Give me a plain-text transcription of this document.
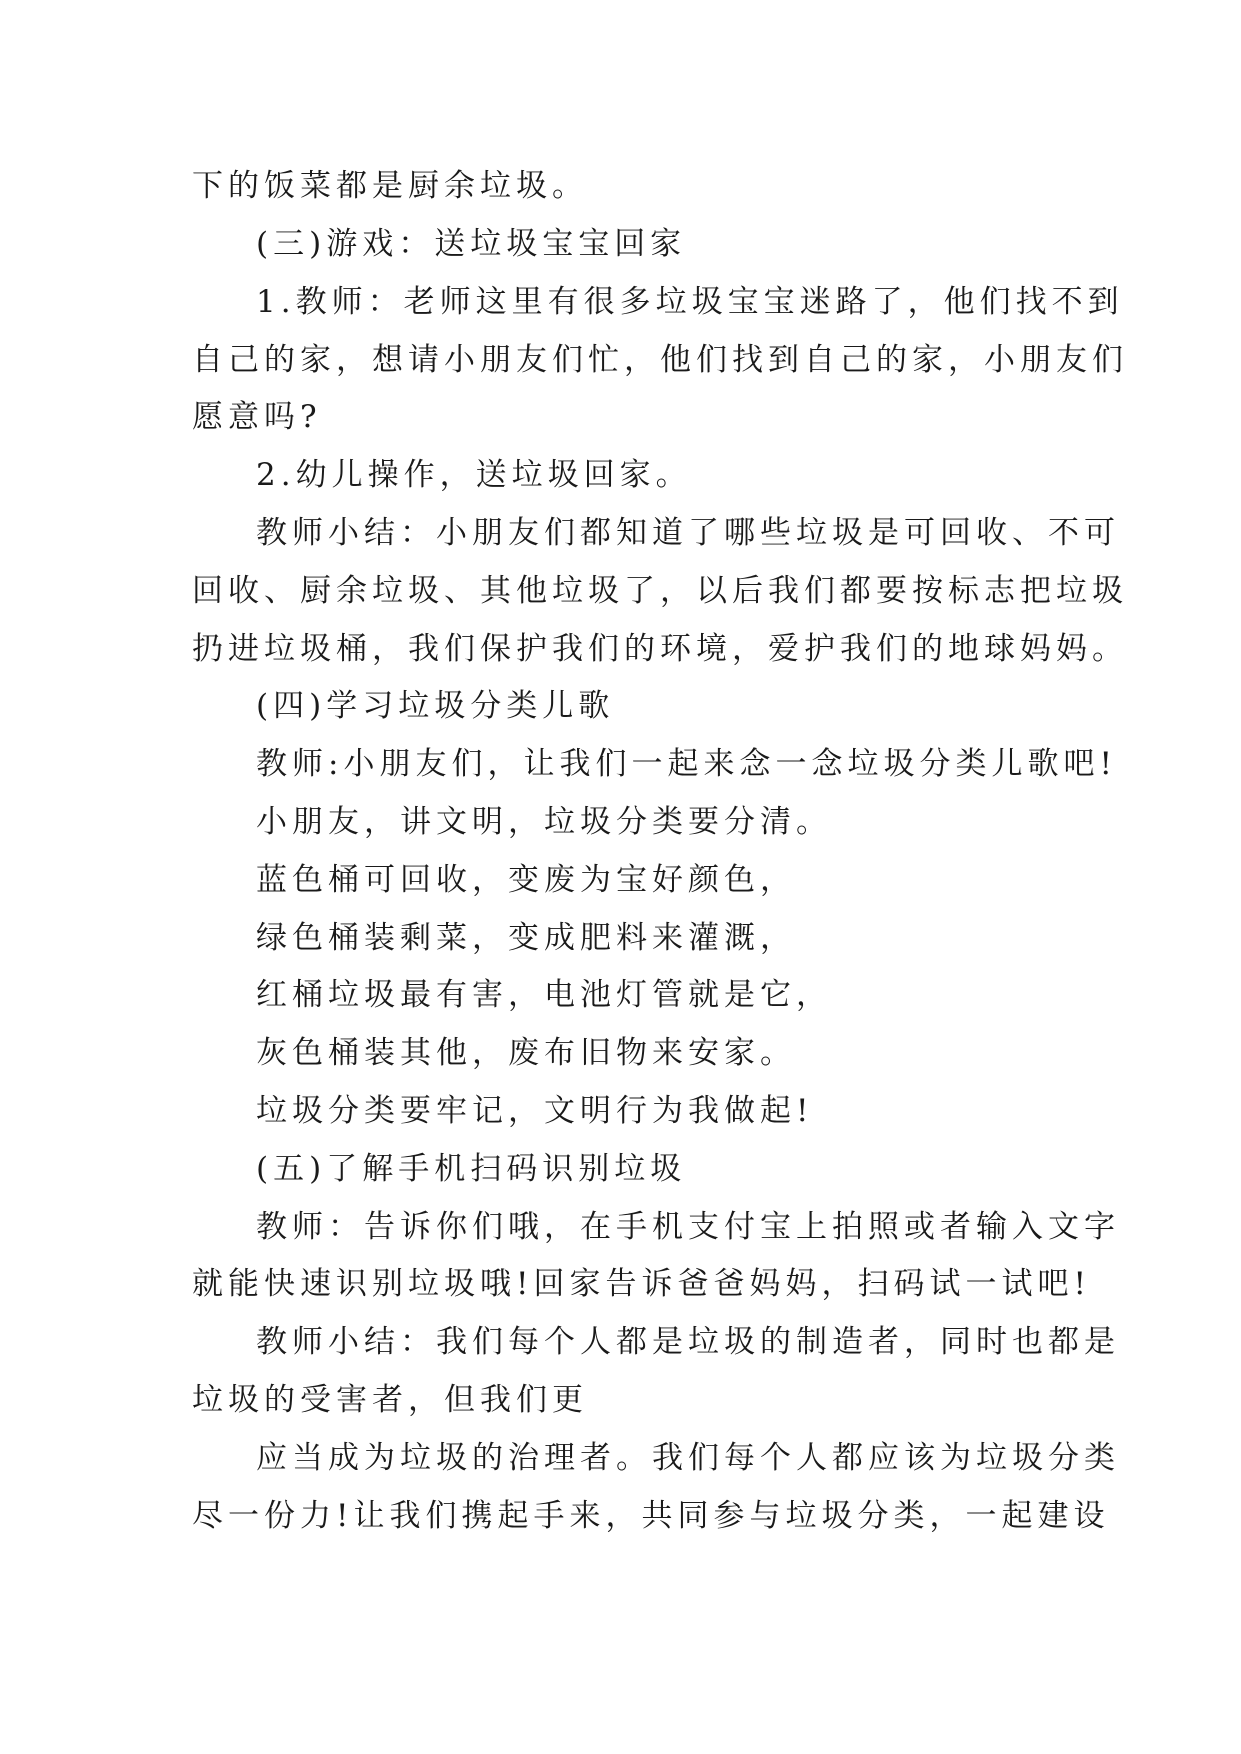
下的饭菜都是厨余垃圾。
(三)游戏：送垃圾宝宝回家
1.教师：老师这里有很多垃圾宝宝迷路了，他们找不到
自己的家，想请小朋友们忙，他们找到自己的家，小朋友们
愿意吗?
2.幼儿操作，送垃圾回家。
教师小结：小朋友们都知道了哪些垃圾是可回收、不可
回收、厨余垃圾、其他垃圾了，以后我们都要按标志把垃圾
扔进垃圾桶，我们保护我们的环境，爱护我们的地球妈妈。
(四)学习垃圾分类儿歌
教师:小朋友们，让我们一起来念一念垃圾分类儿歌吧!
小朋友，讲文明，垃圾分类要分清。
蓝色桶可回收，变废为宝好颜色，
绿色桶装剩菜，变成肥料来灌溉，
红桶垃圾最有害，电池灯管就是它，
灰色桶装其他，废布旧物来安家。
垃圾分类要牢记，文明行为我做起!
(五)了解手机扫码识别垃圾
教师：告诉你们哦，在手机支付宝上拍照或者输入文字
就能快速识别垃圾哦!回家告诉爸爸妈妈，扫码试一试吧!
教师小结：我们每个人都是垃圾的制造者，同时也都是
垃圾的受害者，但我们更
应当成为垃圾的治理者。我们每个人都应该为垃圾分类
尽一份力!让我们携起手来，共同参与垃圾分类，一起建设
